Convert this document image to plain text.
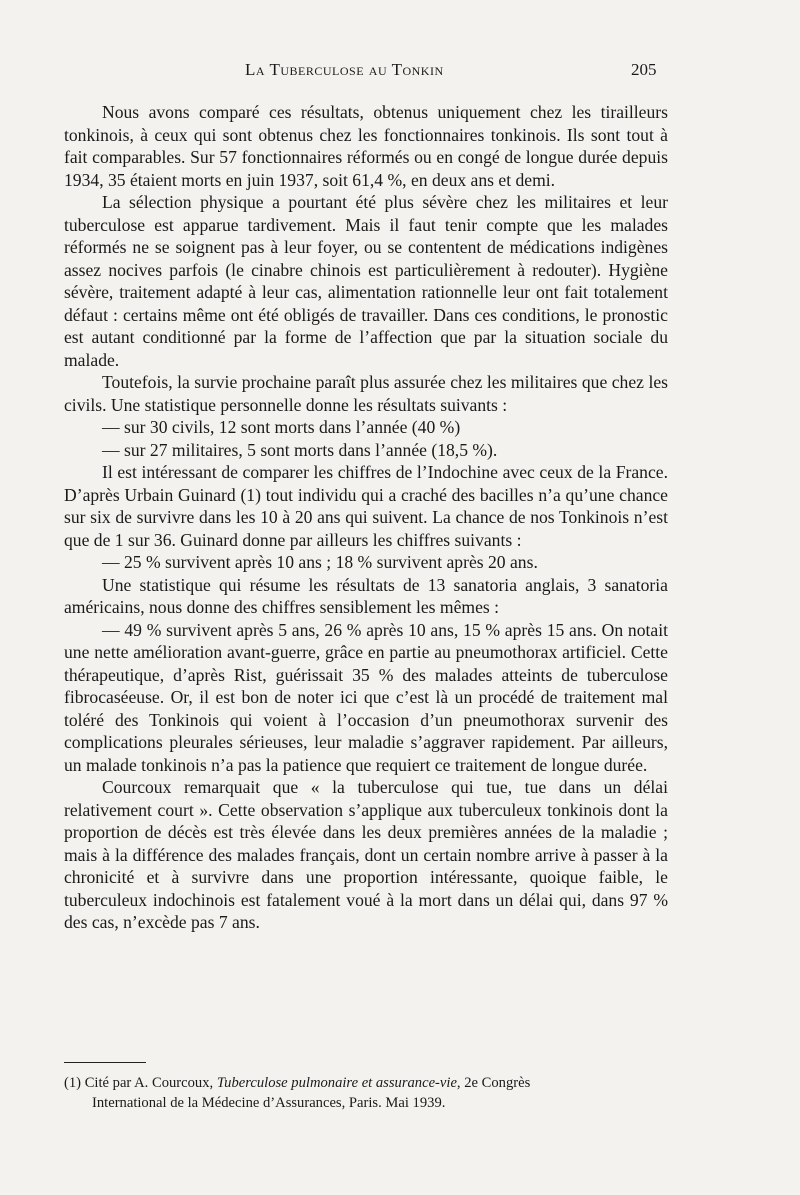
La Tuberculose au Tonkin	205

Nous avons comparé ces résultats, obtenus uniquement chez les tirailleurs tonkinois, à ceux qui sont obtenus chez les fonctionnaires tonkinois. Ils sont tout à fait comparables. Sur 57 fonctionnaires réformés ou en congé de longue durée depuis 1934, 35 étaient morts en juin 1937, soit 61,4 %, en deux ans et demi.

La sélection physique a pourtant été plus sévère chez les militaires et leur tuberculose est apparue tardivement. Mais il faut tenir compte que les malades réformés ne se soignent pas à leur foyer, ou se contentent de médications indigènes assez nocives parfois (le cinabre chinois est particulièrement à redouter). Hygiène sévère, traitement adapté à leur cas, alimentation rationnelle leur ont fait totalement défaut : certains même ont été obligés de travailler. Dans ces conditions, le pronostic est autant conditionné par la forme de l’affection que par la situation sociale du malade.

Toutefois, la survie prochaine paraît plus assurée chez les militaires que chez les civils. Une statistique personnelle donne les résultats suivants :

— sur 30 civils, 12 sont morts dans l’année (40 %)

— sur 27 militaires, 5 sont morts dans l’année (18,5 %).

Il est intéressant de comparer les chiffres de l’Indochine avec ceux de la France. D’après Urbain Guinard (1) tout individu qui a craché des bacilles n’a qu’une chance sur six de survivre dans les 10 à 20 ans qui suivent. La chance de nos Tonkinois n’est que de 1 sur 36. Guinard donne par ailleurs les chiffres suivants :

— 25 % survivent après 10 ans ; 18 % survivent après 20 ans.

Une statistique qui résume les résultats de 13 sanatoria anglais, 3 sanatoria américains, nous donne des chiffres sensiblement les mêmes :

— 49 % survivent après 5 ans, 26 % après 10 ans, 15 % après 15 ans. On notait une nette amélioration avant-guerre, grâce en partie au pneumothorax artificiel. Cette thérapeutique, d’après Rist, guérissait 35 % des malades atteints de tuberculose fibrocaséeuse. Or, il est bon de noter ici que c’est là un procédé de traitement mal toléré des Tonkinois qui voient à l’occasion d’un pneumothorax survenir des complications pleurales sérieuses, leur maladie s’aggraver rapidement. Par ailleurs, un malade tonkinois n’a pas la patience que requiert ce traitement de longue durée.

Courcoux remarquait que « la tuberculose qui tue, tue dans un délai relativement court ». Cette observation s’applique aux tuberculeux tonkinois dont la proportion de décès est très élevée dans les deux premières années de la maladie ; mais à la différence des malades français, dont un certain nombre arrive à passer à la chronicité et à survivre dans une proportion intéressante, quoique faible, le tuberculeux indochinois est fatalement voué à la mort dans un délai qui, dans 97 % des cas, n’excède pas 7 ans.

(1) Cité par A. Courcoux, Tuberculose pulmonaire et assurance-vie, 2e Congrès
International de la Médecine d’Assurances, Paris. Mai 1939.
